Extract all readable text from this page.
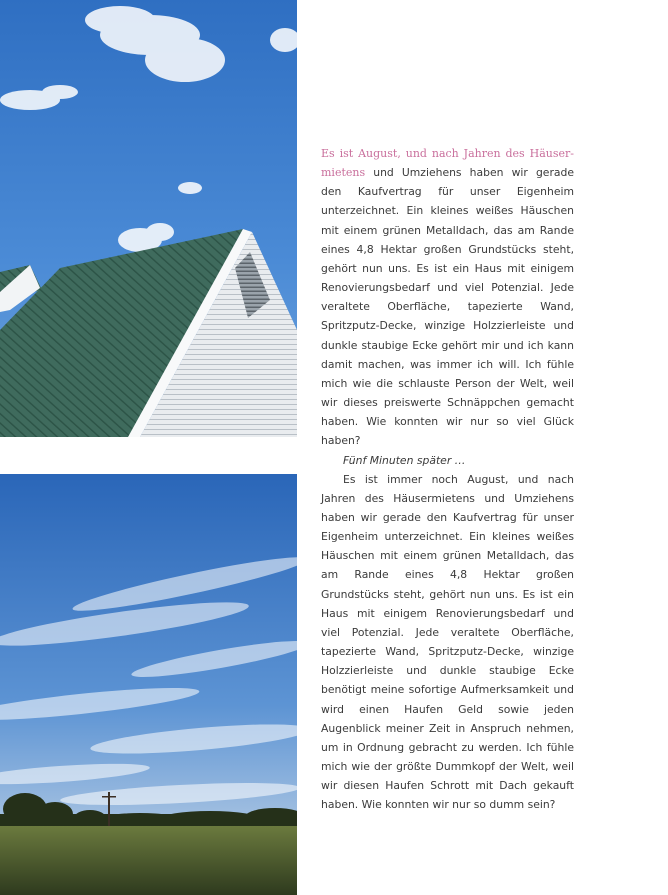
Es ist August, und nach Jahren des Häusermietens und Umziehens haben wir gerade den Kaufvertrag für unser Eigenheim unterzeichnet. Ein kleines weißes Häuschen mit einem grünen Metalldach, das am Rande eines 4,8 Hektar großen Grundstücks steht, gehört nun uns. Es ist ein Haus mit einigem Renovierungsbedarf und viel Potenzial. Jede veraltete Oberfläche, tapezierte Wand, Spritzputz-Decke, winzige Holzzierleiste und dunkle staubige Ecke gehört mir und ich kann damit machen, was immer ich will. Ich fühle mich wie die schlauste Person der Welt, weil wir dieses preiswerte Schnäppchen gemacht haben. Wie konnten wir nur so viel Glück haben?

Fünf Minuten später …

Es ist immer noch August, und nach Jahren des Häusermietens und Umziehens haben wir gerade den Kaufvertrag für unser Eigenheim unterzeichnet. Ein kleines weißes Häuschen mit einem grünen Metalldach, das am Rande eines 4,8 Hektar großen Grundstücks steht, gehört nun uns. Es ist ein Haus mit einigem Renovierungsbedarf und viel Potenzial. Jede veraltete Oberfläche, tapezierte Wand, Spritzputz-Decke, winzige Holzzierleiste und dunkle staubige Ecke benötigt meine sofortige Aufmerksamkeit und wird einen Haufen Geld sowie jeden Augenblick meiner Zeit in Anspruch nehmen, um in Ordnung gebracht zu werden. Ich fühle mich wie der größte Dummkopf der Welt, weil wir diesen Haufen Schrott mit Dach gekauft haben. Wie konnten wir nur so dumm sein?
